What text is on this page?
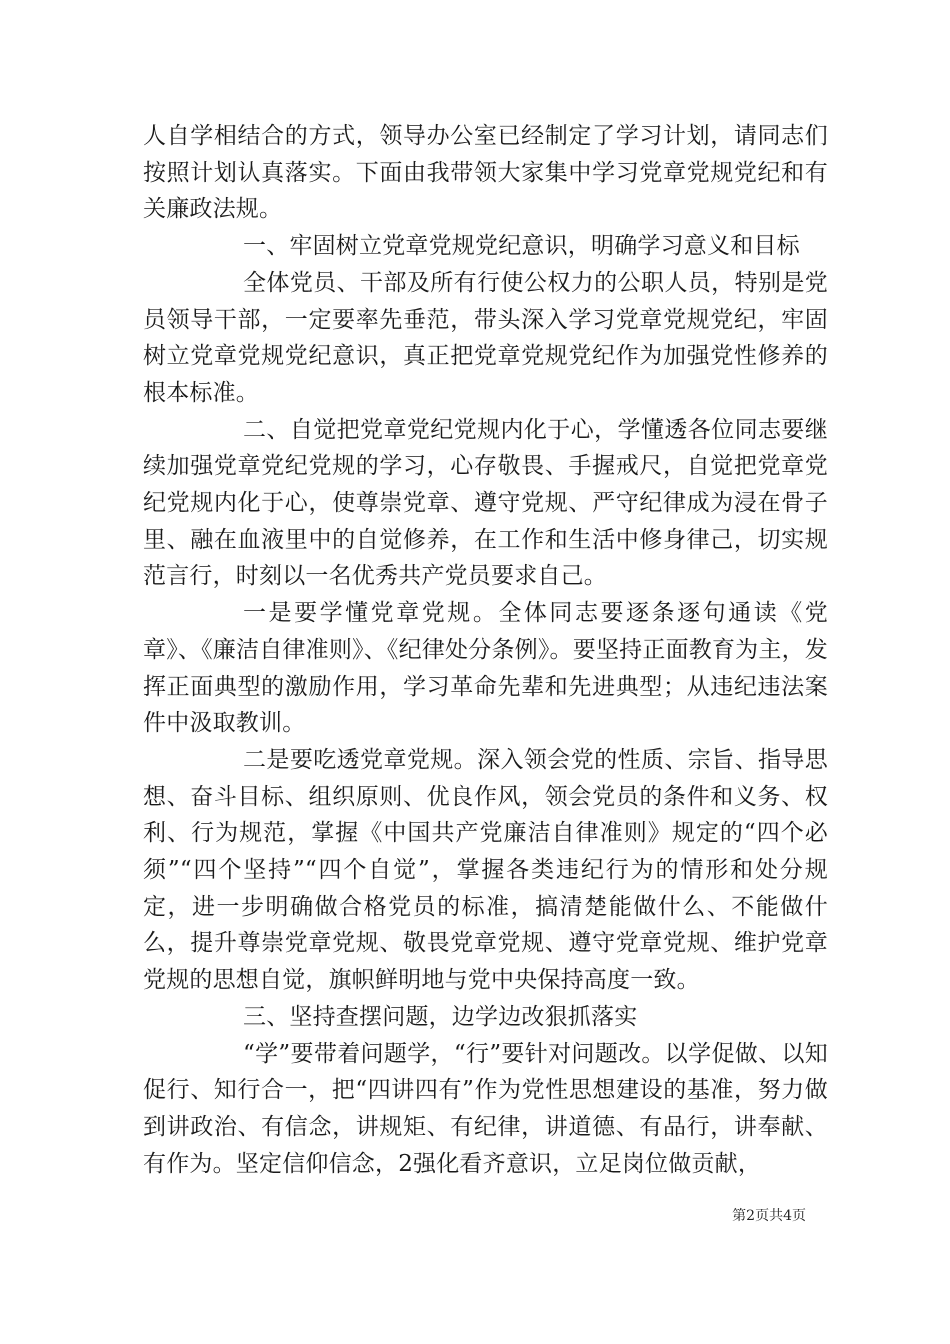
人自学相结合的方式，领导办公室已经制定了学习计划，请同志们按照计划认真落实。下面由我带领大家集中学习党章党规党纪和有关廉政法规。

一、牢固树立党章党规党纪意识，明确学习意义和目标

全体党员、干部及所有行使公权力的公职人员，特别是党员领导干部，一定要率先垂范，带头深入学习党章党规党纪，牢固树立党章党规党纪意识，真正把党章党规党纪作为加强党性修养的根本标准。

二、自觉把党章党纪党规内化于心，学懂透各位同志要继续加强党章党纪党规的学习，心存敬畏、手握戒尺，自觉把党章党纪党规内化于心，使尊崇党章、遵守党规、严守纪律成为浸在骨子里、融在血液里中的自觉修养，在工作和生活中修身律己，切实规范言行，时刻以一名优秀共产党员要求自己。

一是要学懂党章党规。全体同志要逐条逐句通读《党章》、《廉洁自律准则》、《纪律处分条例》。要坚持正面教育为主，发挥正面典型的激励作用，学习革命先辈和先进典型；从违纪违法案件中汲取教训。

二是要吃透党章党规。深入领会党的性质、宗旨、指导思想、奋斗目标、组织原则、优良作风，领会党员的条件和义务、权利、行为规范，掌握《中国共产党廉洁自律准则》规定的“四个必须”“四个坚持”“四个自觉”，掌握各类违纪行为的情形和处分规定，进一步明确做合格党员的标准，搞清楚能做什么、不能做什么，提升尊崇党章党规、敬畏党章党规、遵守党章党规、维护党章党规的思想自觉，旗帜鲜明地与党中央保持高度一致。

三、坚持查摆问题，边学边改狠抓落实

“学”要带着问题学，“行”要针对问题改。以学促做、以知促行、知行合一，把“四讲四有”作为党性思想建设的基准，努力做到讲政治、有信念，讲规矩、有纪律，讲道德、有品行，讲奉献、有作为。坚定信仰信念，2强化看齐意识，立足岗位做贡献，

第2页共4页
